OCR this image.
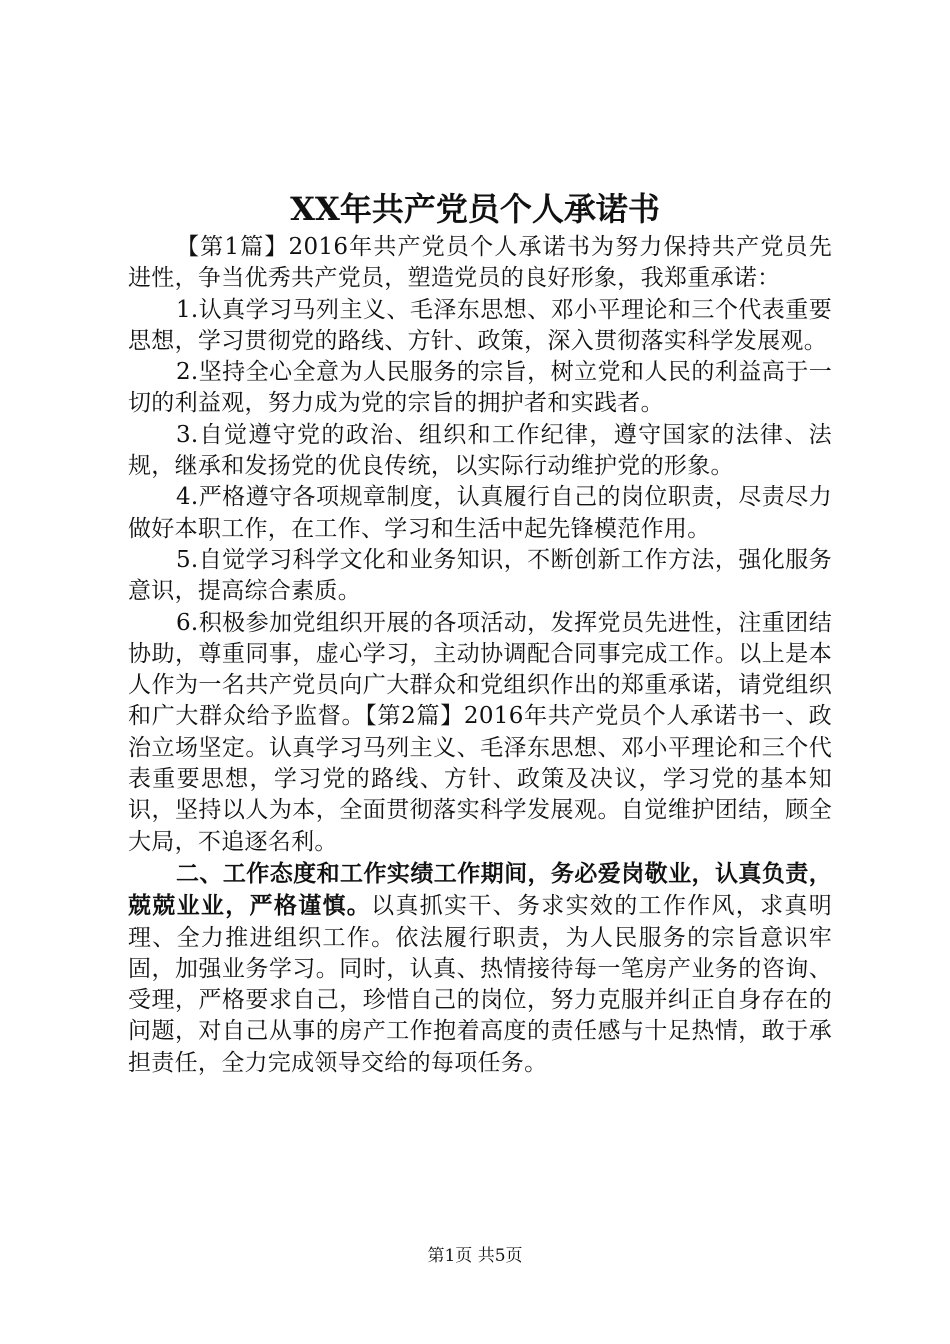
XX年共产党员个人承诺书

【第1篇】2016年共产党员个人承诺书为努力保持共产党员先进性，争当优秀共产党员，塑造党员的良好形象，我郑重承诺：

1.认真学习马列主义、毛泽东思想、邓小平理论和三个代表重要思想，学习贯彻党的路线、方针、政策，深入贯彻落实科学发展观。

2.坚持全心全意为人民服务的宗旨，树立党和人民的利益高于一切的利益观，努力成为党的宗旨的拥护者和实践者。

3.自觉遵守党的政治、组织和工作纪律，遵守国家的法律、法规，继承和发扬党的优良传统，以实际行动维护党的形象。

4.严格遵守各项规章制度，认真履行自己的岗位职责，尽责尽力做好本职工作，在工作、学习和生活中起先锋模范作用。

5.自觉学习科学文化和业务知识，不断创新工作方法，强化服务意识，提高综合素质。

6.积极参加党组织开展的各项活动，发挥党员先进性，注重团结协助，尊重同事，虚心学习，主动协调配合同事完成工作。以上是本人作为一名共产党员向广大群众和党组织作出的郑重承诺，请党组织和广大群众给予监督。【第2篇】2016年共产党员个人承诺书一、政治立场坚定。认真学习马列主义、毛泽东思想、邓小平理论和三个代表重要思想，学习党的路线、方针、政策及决议，学习党的基本知识，坚持以人为本，全面贯彻落实科学发展观。自觉维护团结，顾全大局，不追逐名利。

二、工作态度和工作实绩工作期间，务必爱岗敬业，认真负责，兢兢业业，严格谨慎。以真抓实干、务求实效的工作作风，求真明理、全力推进组织工作。依法履行职责，为人民服务的宗旨意识牢固，加强业务学习。同时，认真、热情接待每一笔房产业务的咨询、受理，严格要求自己，珍惜自己的岗位，努力克服并纠正自身存在的问题，对自己从事的房产工作抱着高度的责任感与十足热情，敢于承担责任，全力完成领导交给的每项任务。

第1页 共5页
